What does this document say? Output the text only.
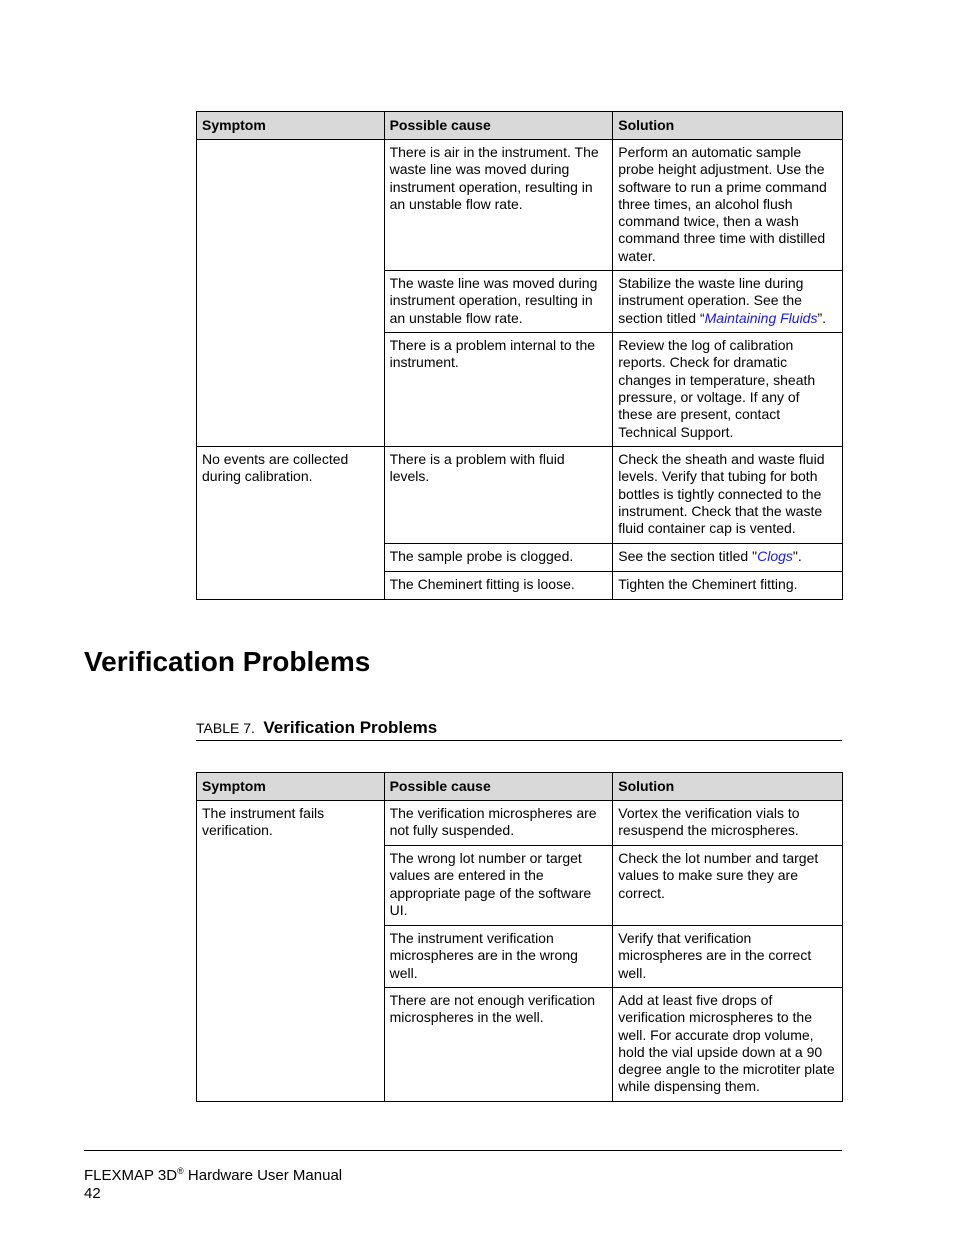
Symptom	Possible cause	Solution
	There is air in the instrument. The waste line was moved during instrument operation, resulting in an unstable flow rate.	Perform an automatic sample probe height adjustment. Use the software to run a prime command three times, an alcohol flush command twice, then a wash command three time with distilled water.
	The waste line was moved during instrument operation, resulting in an unstable flow rate.	Stabilize the waste line during instrument operation. See the section titled “Maintaining Fluids”.
	There is a problem internal to the instrument.	Review the log of calibration reports. Check for dramatic changes in temperature, sheath pressure, or voltage. If any of these are present, contact Technical Support.
No events are collected during calibration.	There is a problem with fluid levels.	Check the sheath and waste fluid levels. Verify that tubing for both bottles is tightly connected to the instrument. Check that the waste fluid container cap is vented.
	The sample probe is clogged.	See the section titled "Clogs".
	The Cheminert fitting is loose.	Tighten the Cheminert fitting.
Verification Problems
TABLE 7. Verification Problems
Symptom	Possible cause	Solution
The instrument fails verification.	The verification microspheres are not fully suspended.	Vortex the verification vials to resuspend the microspheres.
	The wrong lot number or target values are entered in the appropriate page of the software UI.	Check the lot number and target values to make sure they are correct.
	The instrument verification microspheres are in the wrong well.	Verify that verification microspheres are in the correct well.
	There are not enough verification microspheres in the well.	Add at least five drops of verification microspheres to the well. For accurate drop volume, hold the vial upside down at a 90 degree angle to the microtiter plate while dispensing them.
FLEXMAP 3D® Hardware User Manual
42
